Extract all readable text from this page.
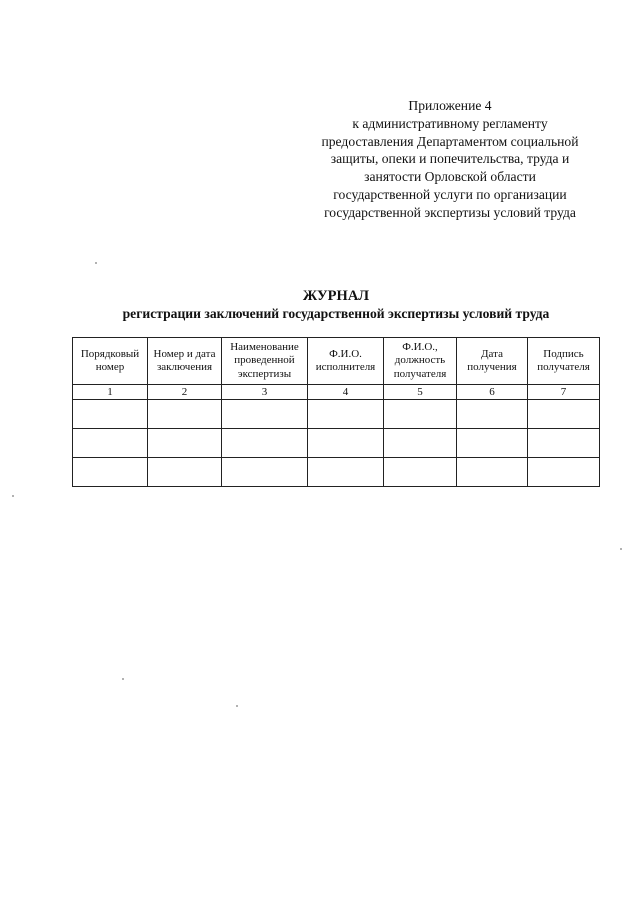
Приложение 4
к административному регламенту
предоставления Департаментом социальной
защиты, опеки и попечительства, труда и
занятости Орловской области
государственной услуги по организации
государственной экспертизы условий труда
ЖУРНАЛ
регистрации заключений государственной экспертизы условий труда
Порядковый номер	Номер и дата заключения	Наименование проведенной экспертизы	Ф.И.О. исполнителя	Ф.И.О., должность получателя	Дата получения	Подпись получателя
1	2	3	4	5	6	7
